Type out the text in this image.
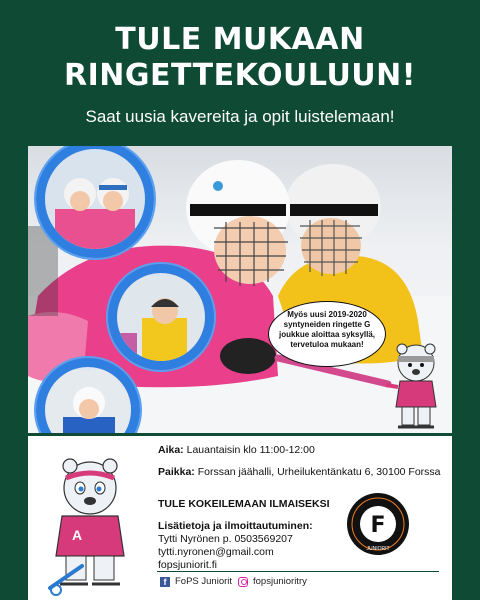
TULE MUKAAN
RINGETTEKOULUUN!
Saat uusia kavereita ja opit luistelemaan!
RINGETTE
RINGETTE
RINGETTE
Myös uusi 2019-2020 syntyneiden ringette G joukkue aloittaa syksyllä, tervetuloa mukaan!
A
Aika: Lauantaisin klo 11:00-12:00
Paikka: Forssan jäähalli, Urheilukentänkatu 6, 30100 Forssa
TULE KOKEILEMAAN ILMAISEKSI
Lisätietoja ja ilmoittautuminen:
Tytti Nyrönen p. 0503569207
tytti.nyronen@gmail.com
fopsjuniorit.fi
F
JUNIORIT
FORSSAN PALLOSEURA
f FoPS Juniorit fopsjunioritry
